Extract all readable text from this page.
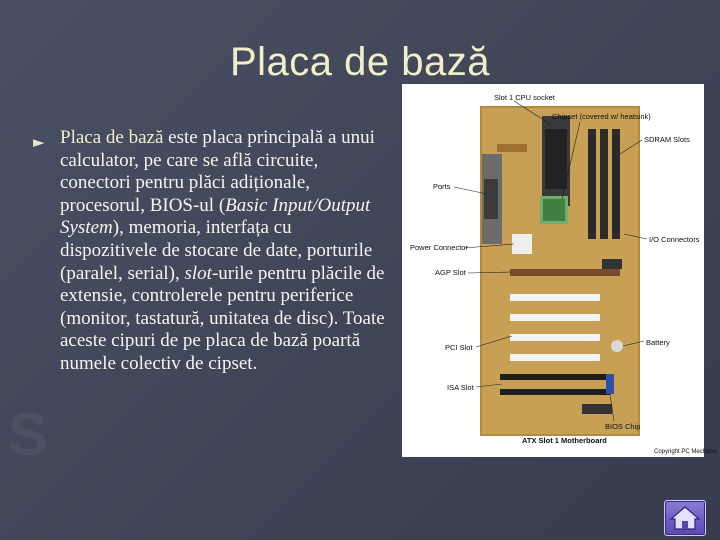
S
Placa de bază
► Placa de bază este placa principală a unui calculator, pe care se află circuite, conectori pentru plăci adiționale, procesorul, BIOS-ul (Basic Input/Output System), memoria, interfața cu dispozitivele de stocare de date, porturile (paralel, serial), slot-urile pentru plăcile de extensie, controlerele pentru periferice (monitor, tastatură, unitatea de disc). Toate aceste cipuri de pe placa de bază poartă numele colectiv de cipset.
Slot 1 CPU socket
Chipset (covered w/ heatsink)
SDRAM Slots
Ports
Power Connector
I/O Connectors
AGP Slot
PCI Slot
Battery
ISA Slot
BIOS Chip
ATX Slot 1 Motherboard
Copyright PC Mechanic
